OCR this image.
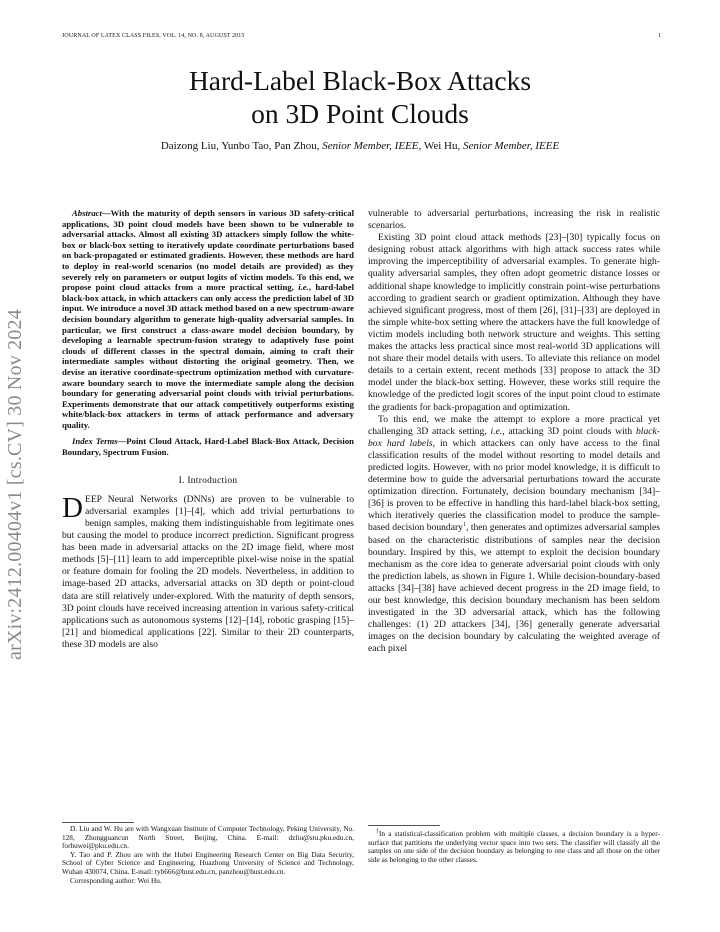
JOURNAL OF LATEX CLASS FILES, VOL. 14, NO. 8, AUGUST 2015	1
Hard-Label Black-Box Attacks
on 3D Point Clouds
Daizong Liu, Yunbo Tao, Pan Zhou, Senior Member, IEEE, Wei Hu, Senior Member, IEEE
arXiv:2412.00404v1 [cs.CV] 30 Nov 2024

Abstract—With the maturity of depth sensors in various 3D safety-critical applications, 3D point cloud models have been shown to be vulnerable to adversarial attacks. Almost all existing 3D attackers simply follow the white-box or black-box setting to iteratively update coordinate perturbations based on back-propagated or estimated gradients. However, these methods are hard to deploy in real-world scenarios (no model details are provided) as they severely rely on parameters or output logits of victim models. To this end, we propose point cloud attacks from a more practical setting, i.e., hard-label black-box attack, in which attackers can only access the prediction label of 3D input. We introduce a novel 3D attack method based on a new spectrum-aware decision boundary algorithm to generate high-quality adversarial samples. In particular, we first construct a class-aware model decision boundary, by developing a learnable spectrum-fusion strategy to adaptively fuse point clouds of different classes in the spectral domain, aiming to craft their intermediate samples without distorting the original geometry. Then, we devise an iterative coordinate-spectrum optimization method with curvature-aware boundary search to move the intermediate sample along the decision boundary for generating adversarial point clouds with trivial perturbations. Experiments demonstrate that our attack competitively outperforms existing white/black-box attackers in terms of attack performance and adversary quality.

Index Terms—Point Cloud Attack, Hard-Label Black-Box Attack, Decision Boundary, Spectrum Fusion.

I. Introduction

DEEP Neural Networks (DNNs) are proven to be vulnerable to adversarial examples [1]–[4], which add trivial perturbations to benign samples, making them indistinguishable from legitimate ones but causing the model to produce incorrect prediction. Significant progress has been made in adversarial attacks on the 2D image field, where most methods [5]–[11] learn to add imperceptible pixel-wise noise in the spatial or feature domain for fooling the 2D models. Nevertheless, in addition to image-based 2D attacks, adversarial attacks on 3D depth or point-cloud data are still relatively under-explored. With the maturity of depth sensors, 3D point clouds have received increasing attention in various safety-critical applications such as autonomous systems [12]–[14], robotic grasping [15]–[21] and biomedical applications [22]. Similar to their 2D counterparts, these 3D models are also

D. Liu and W. Hu are with Wangxuan Institute of Computer Technology, Peking University, No. 128, Zhongguancun North Street, Beijing, China. E-mail: dzliu@stu.pku.edu.cn, forhuwei@pku.edu.cn.

Y. Tao and P. Zhou are with the Hubei Engineering Research Center on Big Data Security, School of Cyber Science and Engineering, Huazhong University of Science and Technology, Wuhan 430074, China. E-mail: tyb666@hust.edu.cn, panzhou@hust.edu.cn.

Corresponding author: Wei Hu.

vulnerable to adversarial perturbations, increasing the risk in realistic scenarios.

Existing 3D point cloud attack methods [23]–[30] typically focus on designing robust attack algorithms with high attack success rates while improving the imperceptibility of adversarial examples. To generate high-quality adversarial samples, they often adopt geometric distance losses or additional shape knowledge to implicitly constrain point-wise perturbations according to gradient search or gradient optimization. Although they have achieved significant progress, most of them [26], [31]–[33] are deployed in the simple white-box setting where the attackers have the full knowledge of victim models including both network structure and weights. This setting makes the attacks less practical since most real-world 3D applications will not share their model details with users. To alleviate this reliance on model details to a certain extent, recent methods [33] propose to attack the 3D model under the black-box setting. However, these works still require the knowledge of the predicted logit scores of the input point cloud to estimate the gradients for back-propagation and optimization.

To this end, we make the attempt to explore a more practical yet challenging 3D attack setting, i.e., attacking 3D point clouds with black-box hard labels, in which attackers can only have access to the final classification results of the model without resorting to model details and predicted logits. However, with no prior model knowledge, it is difficult to determine how to guide the adversarial perturbations toward the accurate optimization direction. Fortunately, decision boundary mechanism [34]–[36] is proven to be effective in handling this hard-label black-box setting, which iteratively queries the classification model to produce the sample-based decision boundary$^1$, then generates and optimizes adversarial samples based on the characteristic distributions of samples near the decision boundary. Inspired by this, we attempt to exploit the decision boundary mechanism as the core idea to generate adversarial point clouds with only the prediction labels, as shown in Figure 1. While decision-boundary-based attacks [34]–[38] have achieved decent progress in the 2D image field, to our best knowledge, this decision boundary mechanism has been seldom investigated in the 3D adversarial attack, which has the following challenges: (1) 2D attackers [34], [36] generally generate adversarial images on the decision boundary by calculating the weighted average of each pixel

$^1$In a statistical-classification problem with multiple classes, a decision boundary is a hyper-surface that partitions the underlying vector space into two sets. The classifier will classify all the samples on one side of the decision boundary as belonging to one class and all those on the other side as belonging to the other classes.
